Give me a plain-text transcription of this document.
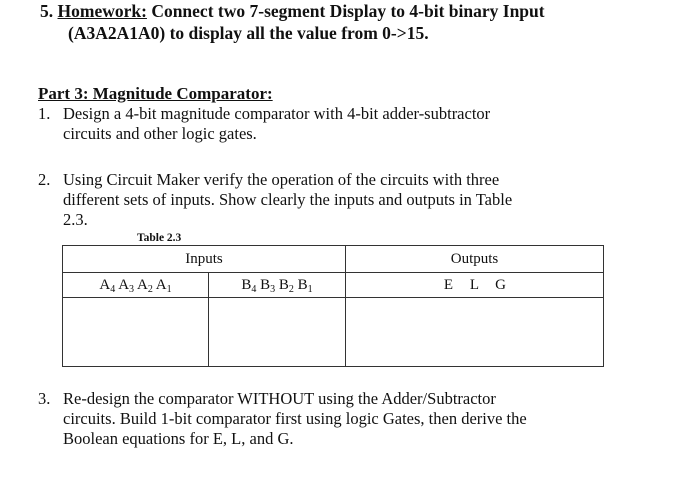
5. Homework: Connect two 7-segment Display to 4-bit binary Input
(A3A2A1A0) to display all the value from 0->15.
Part 3: Magnitude Comparator:
1. Design a 4-bit magnitude comparator with 4-bit adder-subtractor
circuits and other logic gates.
2. Using Circuit Maker verify the operation of the circuits with three
different sets of inputs. Show clearly the inputs and outputs in Table
2.3.
Table 2.3
Inputs		Outputs
$A_4$ $A_3$ $A_2$ $A_1$	$B_4$ $B_3$ $B_2$ $B_1$	E L G

3. Re-design the comparator WITHOUT using the Adder/Subtractor
circuits. Build 1-bit comparator first using logic Gates, then derive the
Boolean equations for E, L, and G.
